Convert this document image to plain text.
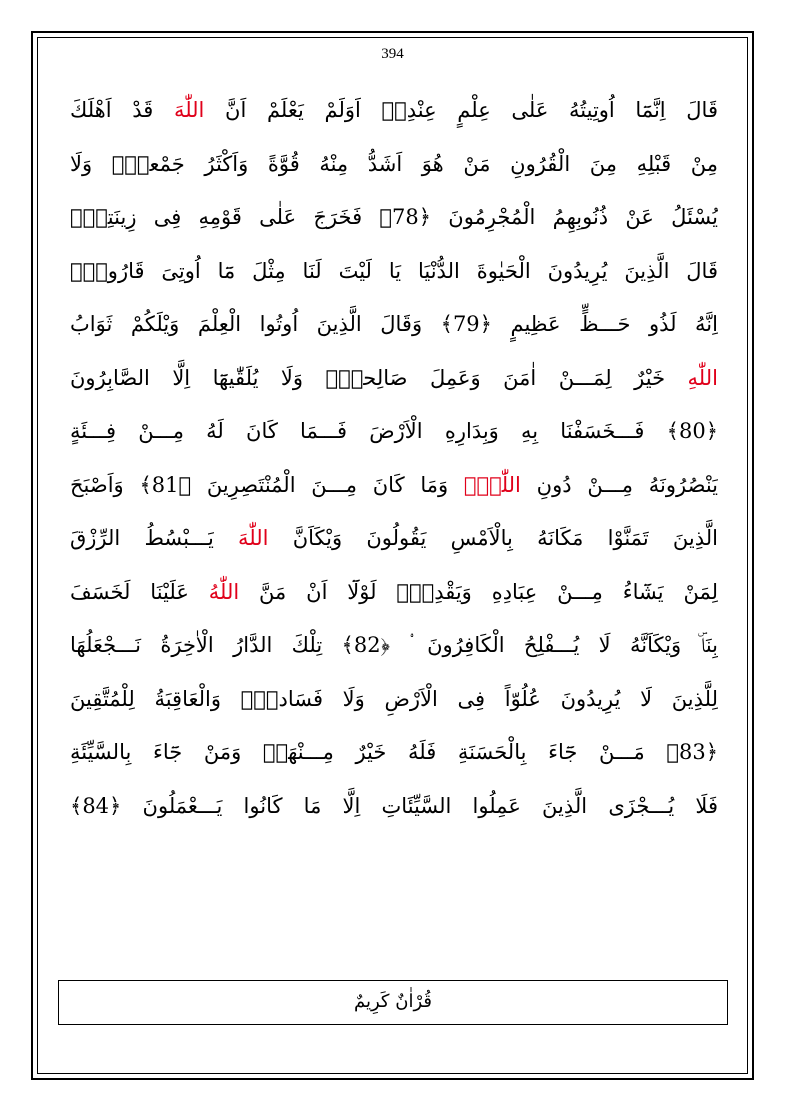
394
قَالَ اِنَّمَٓا اُوتِيتُهُ عَلٰى عِلْمٍ عِنْدِىۜ اَوَلَمْ يَعْلَمْ اَنَّ اللّٰهَ قَدْ اَهْلَكَ
مِنْ قَبْلِهِ مِنَ الْقُرُونِ مَنْ هُوَ اَشَدُّ مِنْهُ قُوَّةً وَاَكْثَرُ جَمْعاًۜ وَلَا
يُسْئَلُ عَنْ ذُنُوبِهِمُ الْمُجْرِمُونَ ﴿78﴾ فَخَرَجَ عَلٰى قَوْمِهِ فِى زِينَتِهِۜ
قَالَ الَّذِينَ يُرِيدُونَ الْحَيٰوةَ الدُّنْيَا يَا لَيْتَ لَنَا مِثْلَ مَٓا اُوتِىَ قَارُونُۙ
اِنَّهُ لَذُو حَـــظٍّ عَظِيمٍ ﴿79﴾ وَقَالَ الَّذِينَ اُوتُوا الْعِلْمَ وَيْلَكُمْ ثَوَابُ
اللّٰهِ خَيْرٌ لِمَـــنْ اٰمَنَ وَعَمِلَ صَالِحاًۚ وَلَا يُلَقّٰيهَٓا اِلَّا الصَّابِرُونَ
﴿80﴾ فَـــخَسَفْنَا بِهِ وَبِدَارِهِ الْاَرْضَ فَـــمَا كَانَ لَهُ مِـــنْ فِـــئَةٍ
يَنْصُرُونَهُ مِـــنْ دُونِ اللّٰهِۗ وَمَا كَانَ مِـــنَ الْمُنْتَصِرِينَ ﴿81﴾ وَاَصْبَحَ
الَّذِينَ تَمَنَّوْا مَكَانَهُ بِالْاَمْسِ يَقُولُونَ وَيْكَاَنَّ اللّٰهَ يَـــبْسُطُ الرِّزْقَ
لِمَنْ يَشَٓاءُ مِـــنْ عِبَادِهِ وَيَقْدِرُۚ لَوْلَٓا اَنْ مَنَّ اللّٰهُ عَلَيْنَا لَخَسَفَ
بِنَاۜ وَيْكَاَنَّهُ لَا يُـــفْلِحُ الْكَافِرُونَ ۟ ﴿82﴾ تِلْكَ الدَّارُ الْاٰخِرَةُ نَـــجْعَلُهَا
لِلَّذِينَ لَا يُرِيدُونَ عُلُوّاً فِى الْاَرْضِ وَلَا فَسَاداًۜ وَالْعَاقِبَةُ لِلْمُتَّقِينَ
﴿83﴾ مَـــنْ جَٓاءَ بِالْحَسَنَةِ فَلَهُ خَيْرٌ مِـــنْهَاۚ وَمَنْ جَٓاءَ بِالسَّيِّئَةِ
فَلَا يُـــجْزَى الَّذِينَ عَمِلُوا السَّيِّئَاتِ اِلَّا مَا كَانُوا يَـــعْمَلُونَ ﴿84﴾
قُرْاٰنٌ كَرِيمٌ
